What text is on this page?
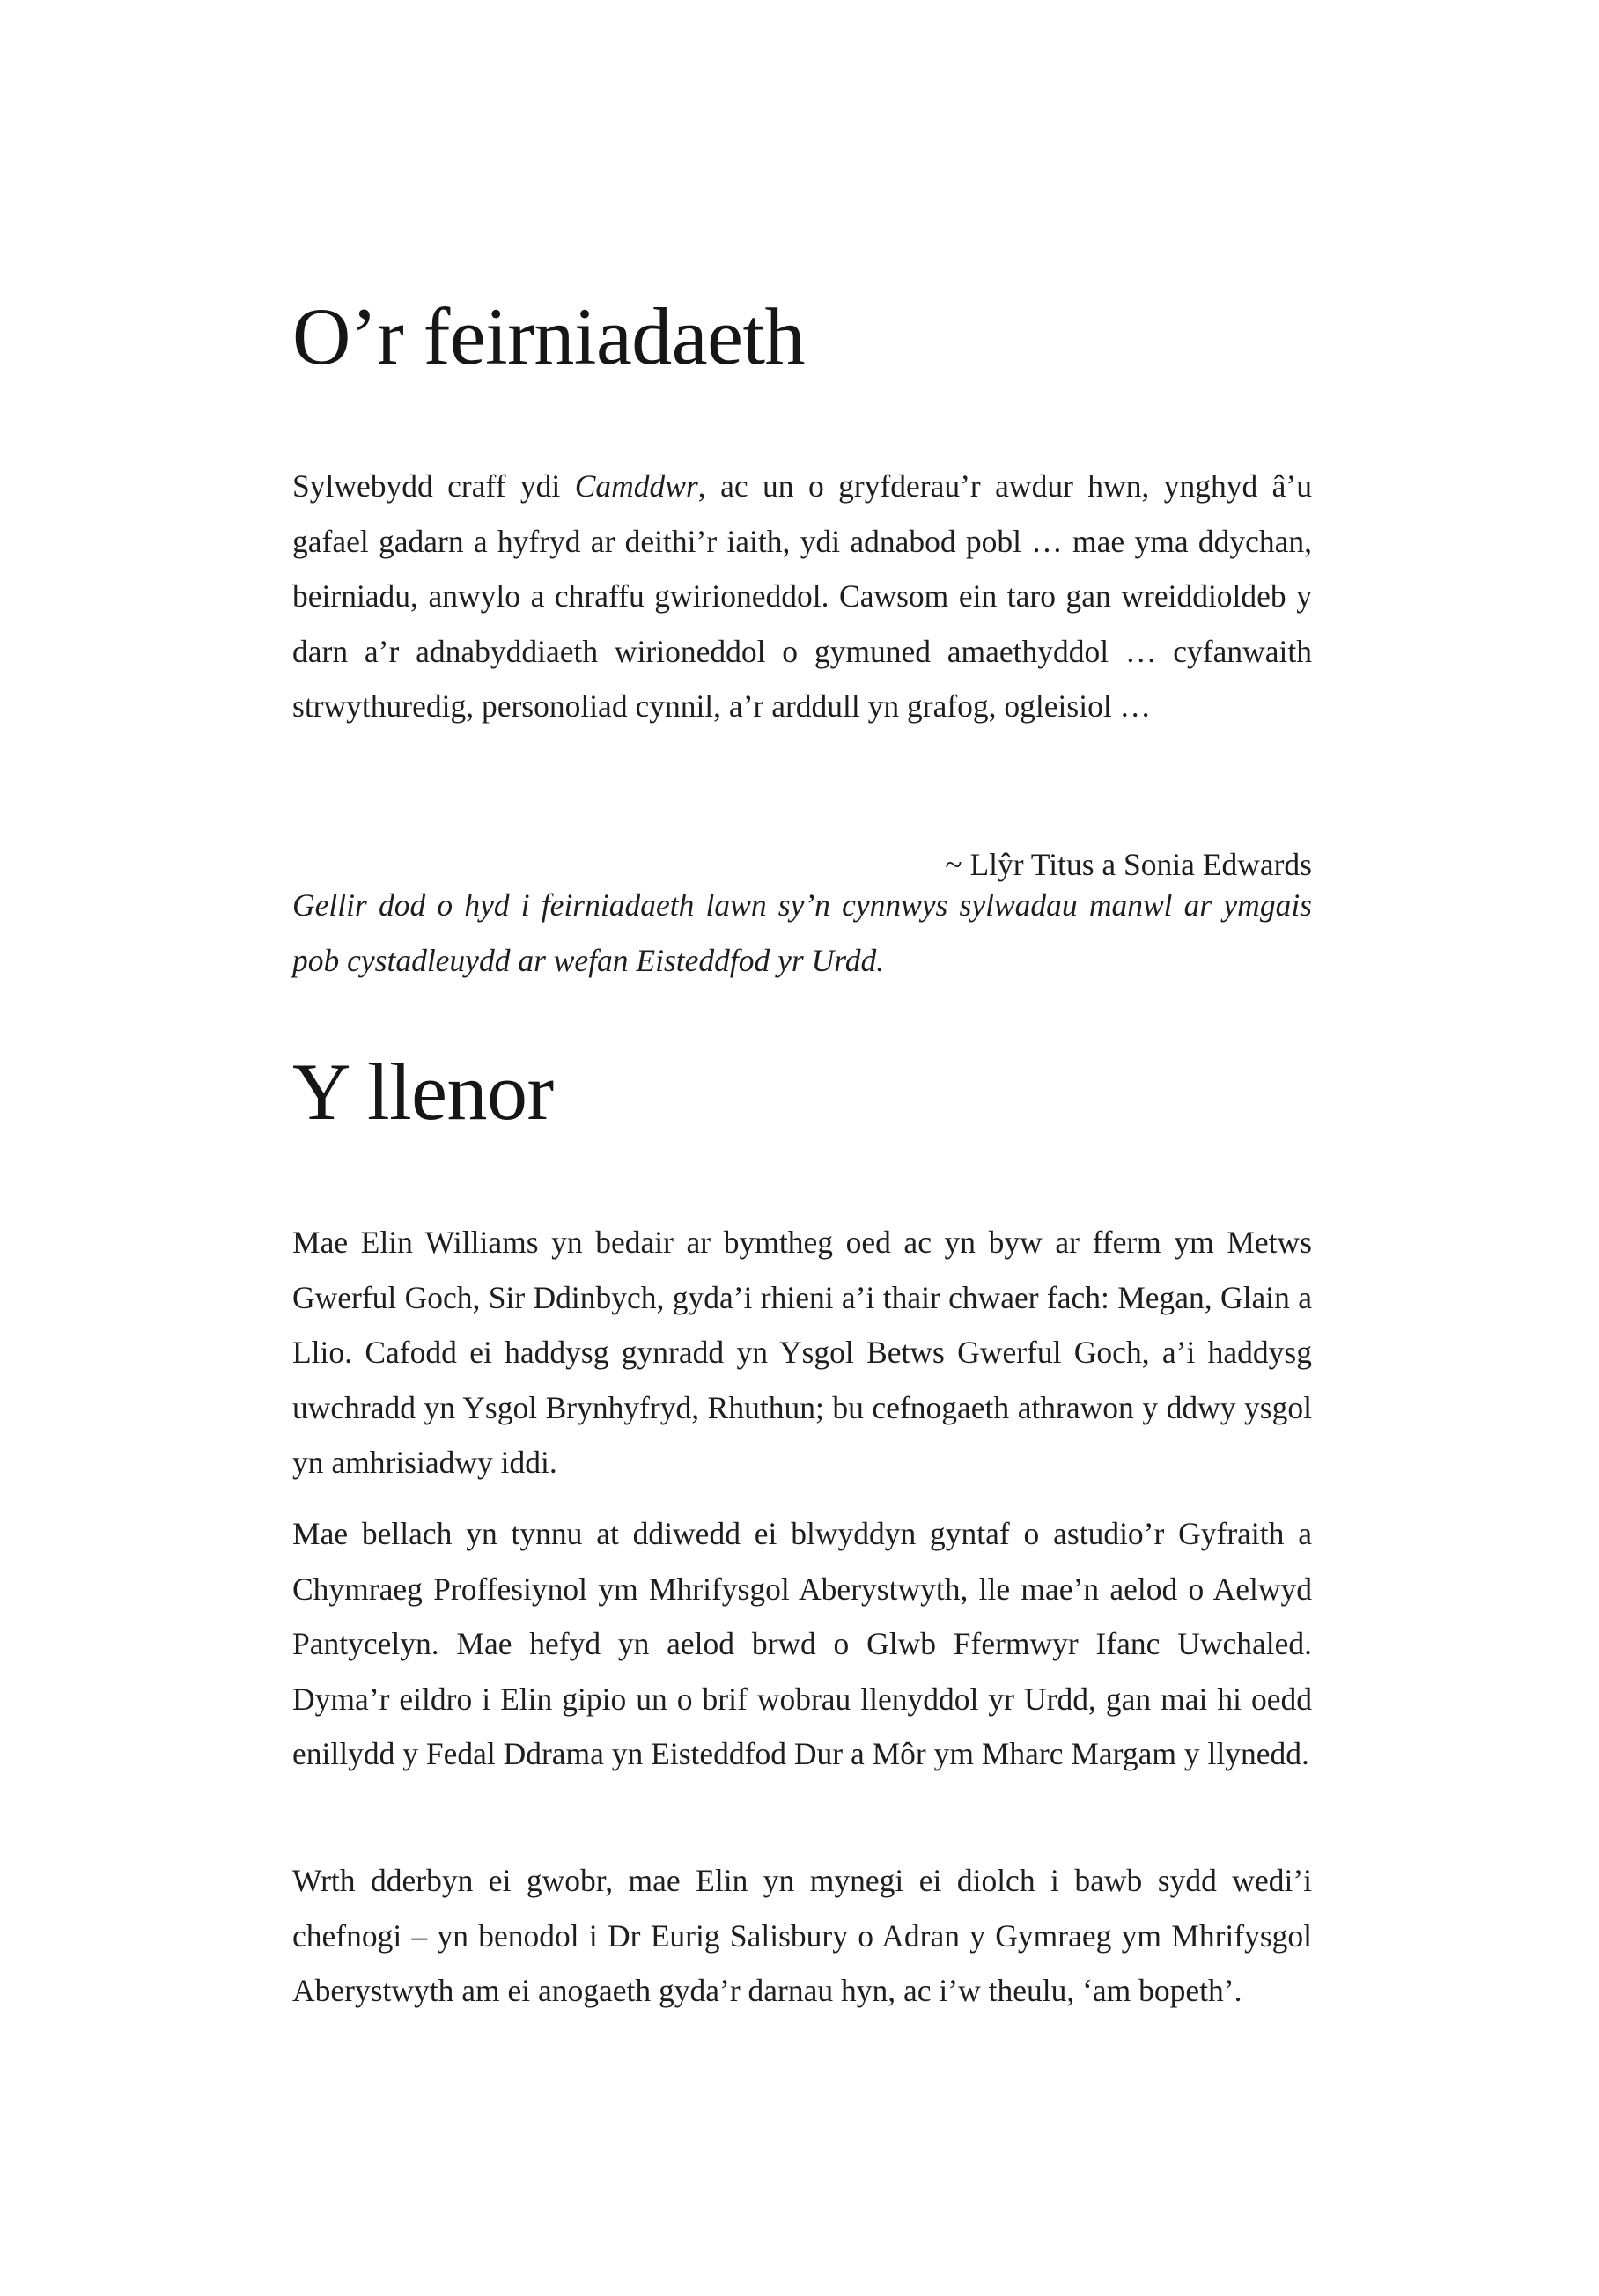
O’r feirniadaeth

Sylwebydd craff ydi Camddwr, ac un o gryfderau’r awdur hwn, ynghyd â’u gafael gadarn a hyfryd ar deithi’r iaith, ydi adnabod pobl … mae yma ddychan, beirniadu, anwylo a chraffu gwirioneddol. Cawsom ein taro gan wreiddioldeb y darn a’r adnabyddiaeth wirioneddol o gymuned amaethyddol … cyfanwaith strwythuredig, personoliad cynnil, a’r arddull yn grafog, ogleisiol …

~ Llŷr Titus a Sonia Edwards

Gellir dod o hyd i feirniadaeth lawn sy’n cynnwys sylwadau manwl ar ymgais pob cystadleuydd ar wefan Eisteddfod yr Urdd.

Y llenor

Mae Elin Williams yn bedair ar bymtheg oed ac yn byw ar fferm ym Metws Gwerful Goch, Sir Ddinbych, gyda’i rhieni a’i thair chwaer fach: Megan, Glain a Llio. Cafodd ei haddysg gynradd yn Ysgol Betws Gwerful Goch, a’i haddysg uwchradd yn Ysgol Brynhyfryd, Rhuthun; bu cefnogaeth athrawon y ddwy ysgol yn amhrisiadwy iddi.

Mae bellach yn tynnu at ddiwedd ei blwyddyn gyntaf o astudio’r Gyfraith a Chymraeg Proffesiynol ym Mhrifysgol Aberystwyth, lle mae’n aelod o Aelwyd Pantycelyn. Mae hefyd yn aelod brwd o Glwb Ffermwyr Ifanc Uwchaled. Dyma’r eildro i Elin gipio un o brif wobrau llenyddol yr Urdd, gan mai hi oedd enillydd y Fedal Ddrama yn Eisteddfod Dur a Môr ym Mharc Margam y llynedd.

Wrth dderbyn ei gwobr, mae Elin yn mynegi ei diolch i bawb sydd wedi’i chefnogi – yn benodol i Dr Eurig Salisbury o Adran y Gymraeg ym Mhrifysgol Aberystwyth am ei anogaeth gyda’r darnau hyn, ac i’w theulu, ‘am bopeth’.
